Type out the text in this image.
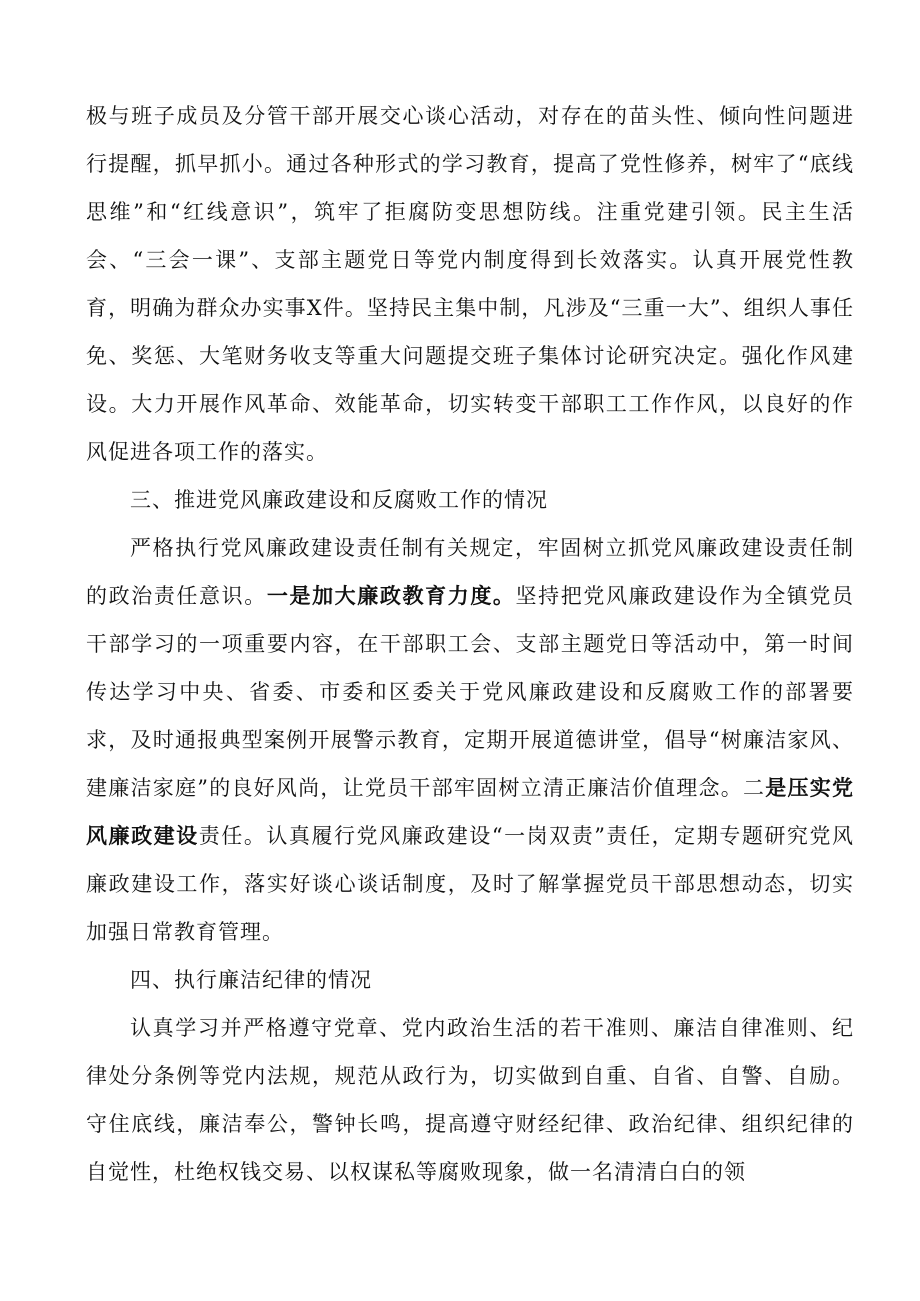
极与班子成员及分管干部开展交心谈心活动，对存在的苗头性、倾向性问题进行提醒，抓早抓小。通过各种形式的学习教育，提高了党性修养，树牢了“底线思维”和“红线意识”，筑牢了拒腐防变思想防线。注重党建引领。民主生活会、“三会一课”、支部主题党日等党内制度得到长效落实。认真开展党性教育，明确为群众办实事X件。坚持民主集中制，凡涉及“三重一大”、组织人事任免、奖惩、大笔财务收支等重大问题提交班子集体讨论研究决定。强化作风建设。大力开展作风革命、效能革命，切实转变干部职工工作作风，以良好的作风促进各项工作的落实。

三、推进党风廉政建设和反腐败工作的情况

严格执行党风廉政建设责任制有关规定，牢固树立抓党风廉政建设责任制的政治责任意识。一是加大廉政教育力度。坚持把党风廉政建设作为全镇党员干部学习的一项重要内容，在干部职工会、支部主题党日等活动中，第一时间传达学习中央、省委、市委和区委关于党风廉政建设和反腐败工作的部署要求，及时通报典型案例开展警示教育，定期开展道德讲堂，倡导“树廉洁家风、建廉洁家庭”的良好风尚，让党员干部牢固树立清正廉洁价值理念。二是压实党风廉政建设责任。认真履行党风廉政建设“一岗双责”责任，定期专题研究党风廉政建设工作，落实好谈心谈话制度，及时了解掌握党员干部思想动态，切实加强日常教育管理。

四、执行廉洁纪律的情况

认真学习并严格遵守党章、党内政治生活的若干准则、廉洁自律准则、纪律处分条例等党内法规，规范从政行为，切实做到自重、自省、自警、自励。守住底线，廉洁奉公，警钟长鸣，提高遵守财经纪律、政治纪律、组织纪律的自觉性，杜绝权钱交易、以权谋私等腐败现象，做一名清清白白的领
